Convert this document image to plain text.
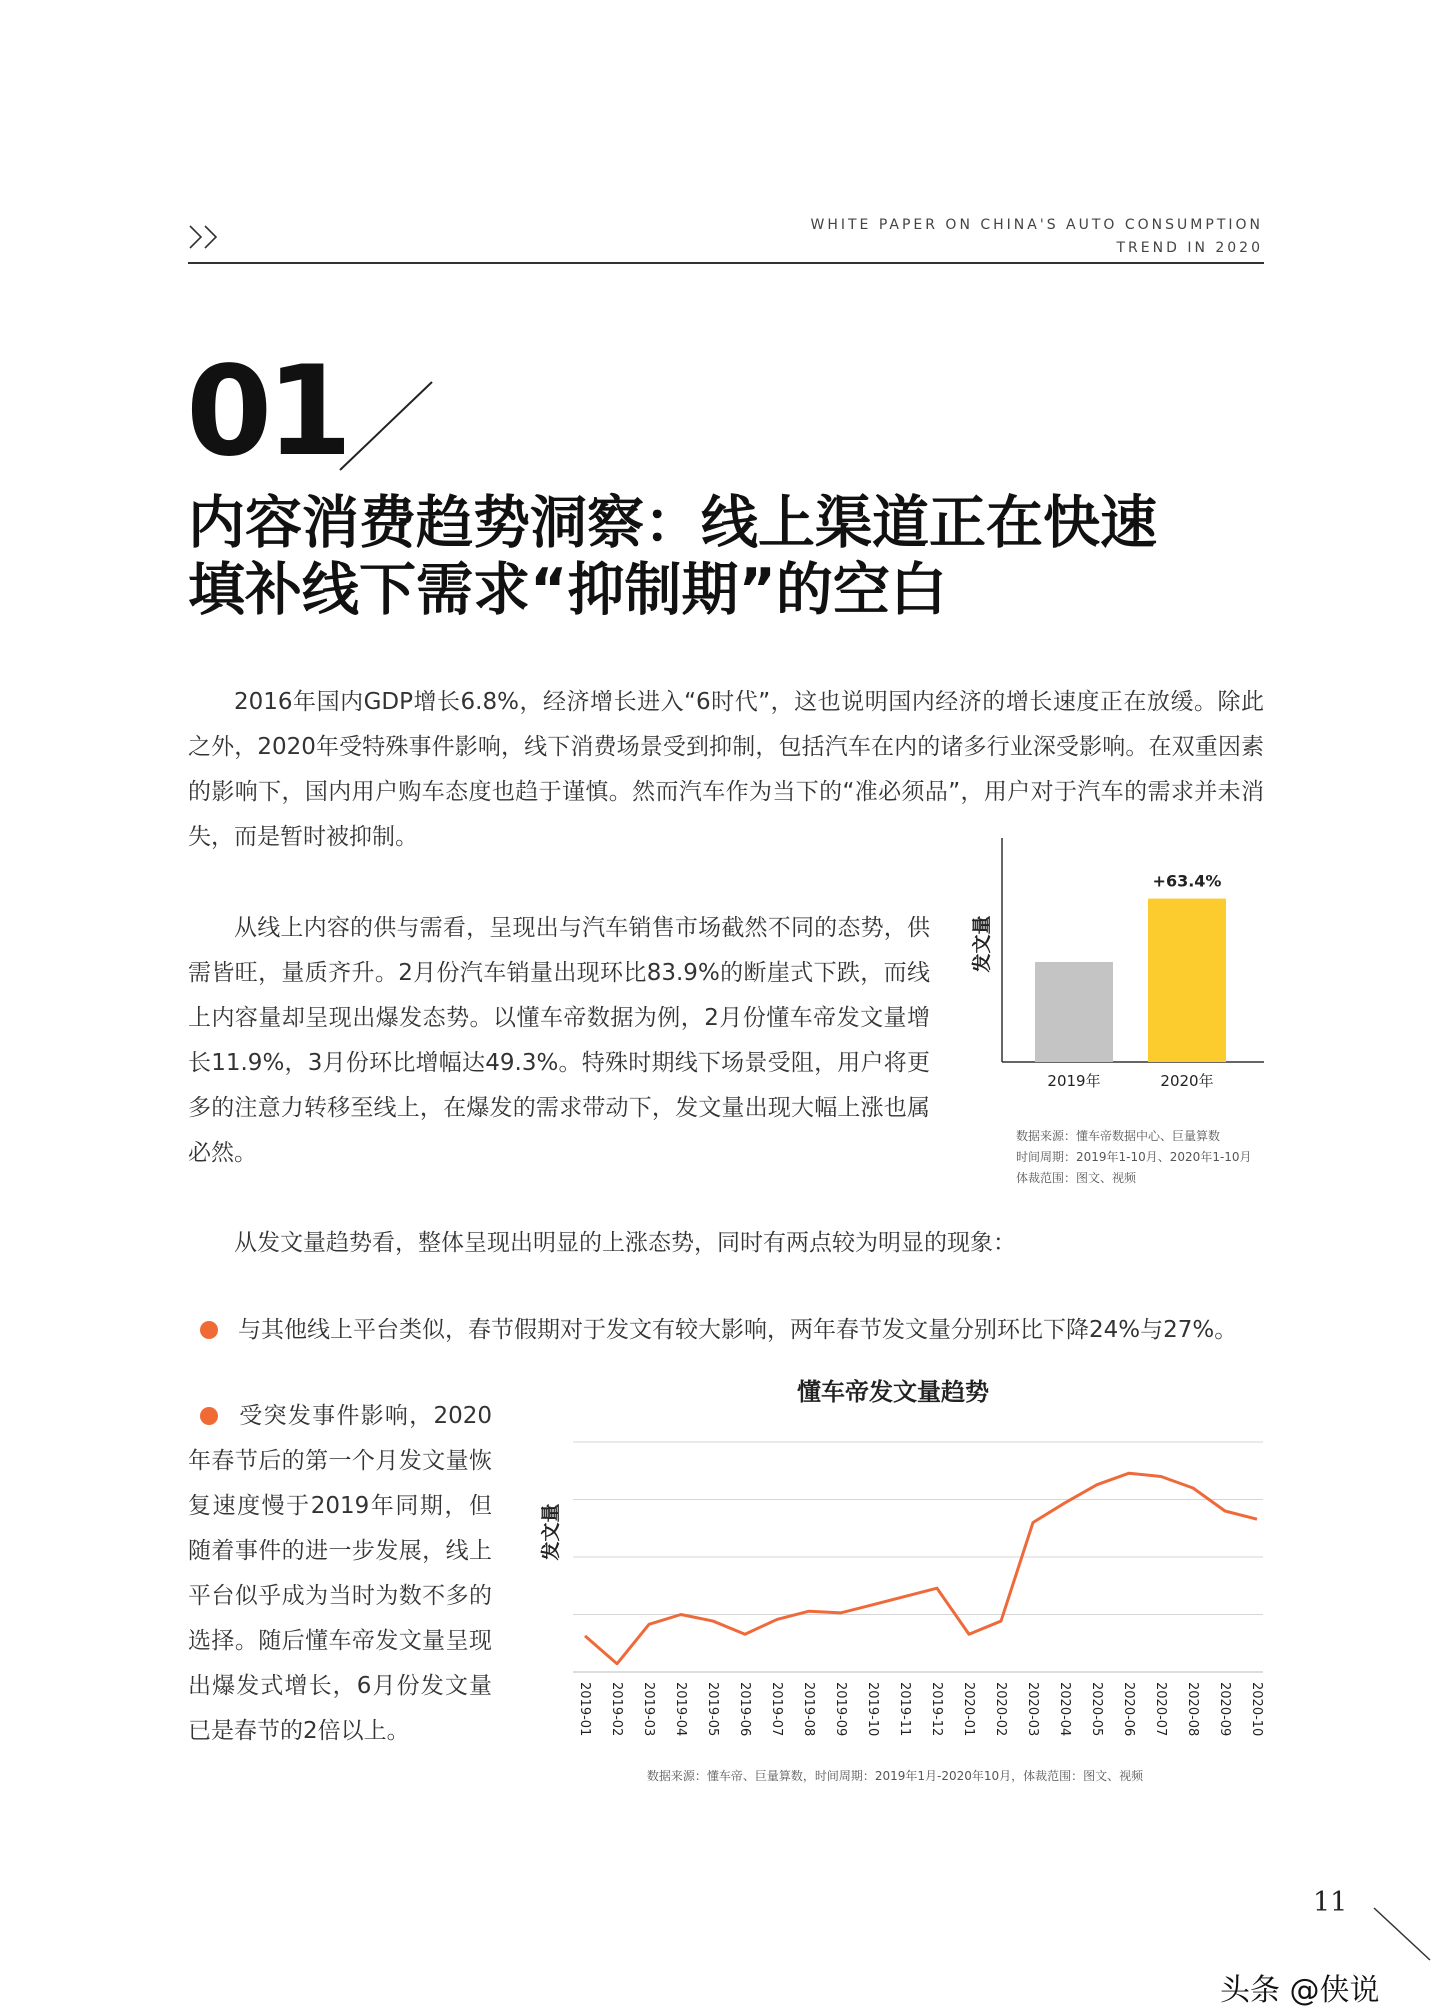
WHITE PAPER ON CHINA'S AUTO CONSUMPTION
TREND IN 2020
01
内容消费趋势洞察：线上渠道正在快速
填补线下需求“抑制期”的空白
2016年国内GDP增长6.8%，经济增长进入“6时代”，这也说明国内经济的增长速度正在放缓。除此之外，2020年受特殊事件影响，线下消费场景受到抑制，包括汽车在内的诸多行业深受影响。在双重因素的影响下，国内用户购车态度也趋于谨慎。然而汽车作为当下的“准必须品”，用户对于汽车的需求并未消失，而是暂时被抑制。
从线上内容的供与需看，呈现出与汽车销售市场截然不同的态势，供需皆旺，量质齐升。2月份汽车销量出现环比83.9%的断崖式下跌，而线上内容量却呈现出爆发态势。以懂车帝数据为例，2月份懂车帝发文量增长11.9%，3月份环比增幅达49.3%。特殊时期线下场景受阻，用户将更多的注意力转移至线上，在爆发的需求带动下，发文量出现大幅上涨也属必然。
从发文量趋势看，整体呈现出明显的上涨态势，同时有两点较为明显的现象：
与其他线上平台类似，春节假期对于发文有较大影响，两年春节发文量分别环比下降24%与27%。
受突发事件影响，2020年春节后的第一个月发文量恢复速度慢于2019年同期，但随着事件的进一步发展，线上平台似乎成为当时为数不多的选择。随后懂车帝发文量呈现出爆发式增长，6月份发文量已是春节的2倍以上。
发文量
2019年	2020年
+63.4%
数据来源：懂车帝数据中心、巨量算数
时间周期：2019年1-10月、2020年1-10月
体裁范围：图文、视频
懂车帝发文量趋势
发文量
2019-01 2019-02 2019-03 2019-04 2019-05 2019-06 2019-07 2019-08 2019-09 2019-10 2019-11 2019-12 2020-01 2020-02 2020-03 2020-04 2020-05 2020-06 2020-07 2020-08 2020-09 2020-10
数据来源：懂车帝、巨量算数，时间周期：2019年1月-2020年10月，体裁范围：图文、视频
11
头条 @侠说
